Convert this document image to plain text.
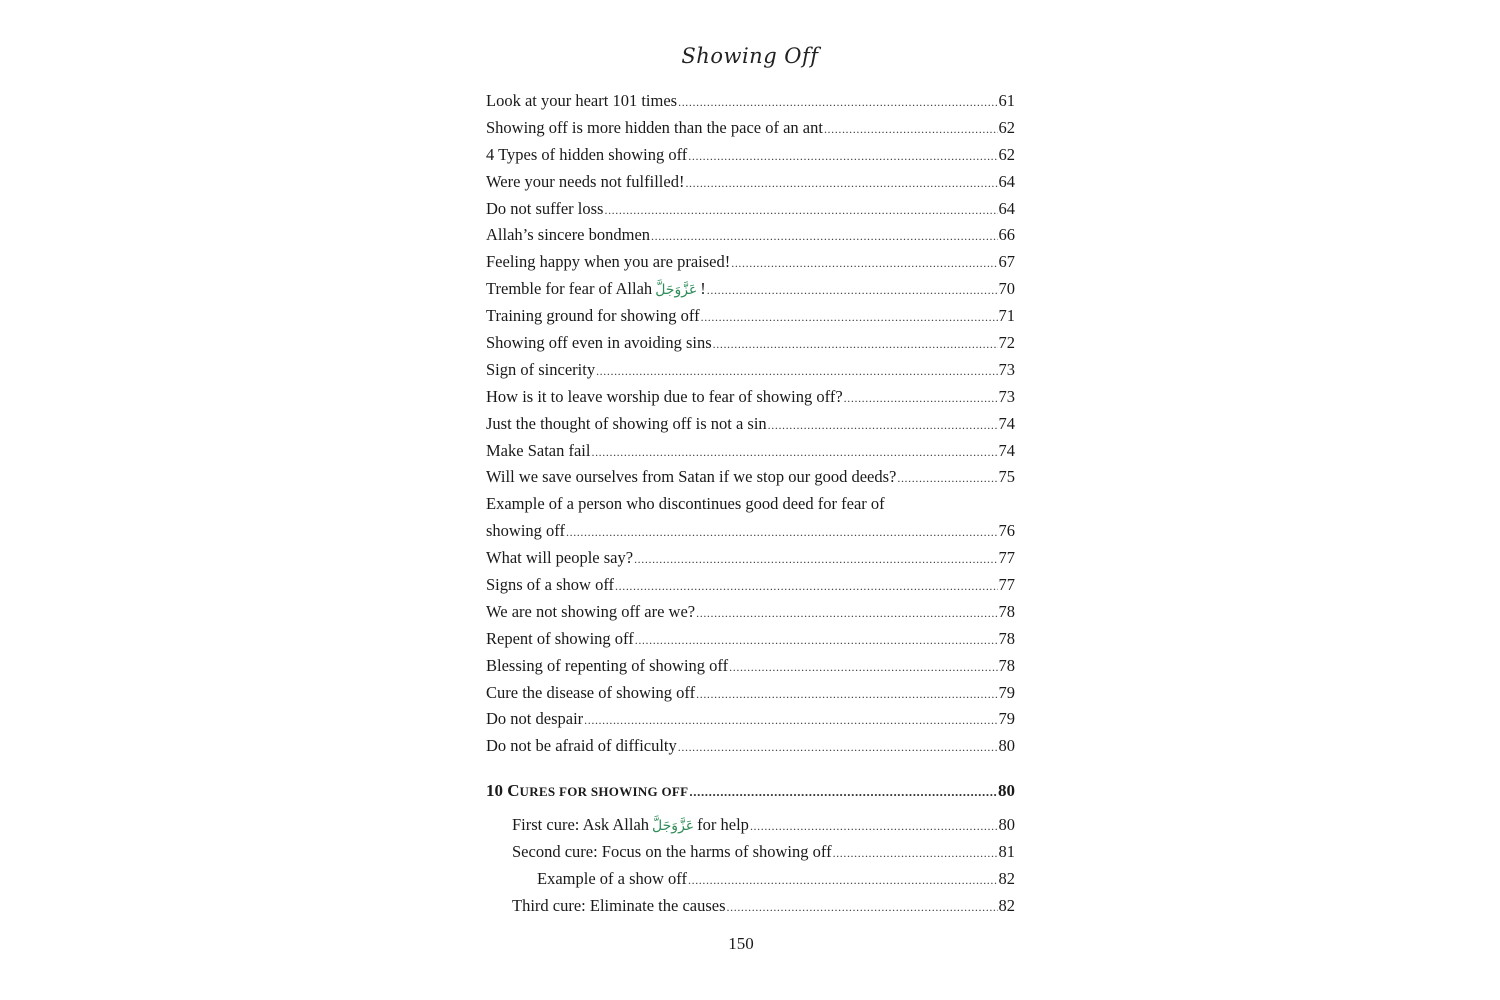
Showing Off
Look at your heart 101 times .....	61
Showing off is more hidden than the pace of an ant .....	62
4 Types of hidden showing off .....	62
Were your needs not fulfilled! .....	64
Do not suffer loss .....	64
Allah’s sincere bondmen .....	66
Feeling happy when you are praised! .....	67
Tremble for fear of Allah عَزَّوَجَلَّ ! .....	70
Training ground for showing off .....	71
Showing off even in avoiding sins .....	72
Sign of sincerity .....	73
How is it to leave worship due to fear of showing off? .....	73
Just the thought of showing off is not a sin .....	74
Make Satan fail .....	74
Will we save ourselves from Satan if we stop our good deeds? .....	75
Example of a person who discontinues good deed for fear of
showing off .....	76
What will people say? .....	77
Signs of a show off .....	77
We are not showing off are we? .....	78
Repent of showing off .....	78
Blessing of repenting of showing off .....	78
Cure the disease of showing off .....	79
Do not despair .....	79
Do not be afraid of difficulty .....	80
10 CURES FOR SHOWING OFF .....	80
First cure: Ask Allah عَزَّوَجَلَّ for help .....	80
Second cure: Focus on the harms of showing off .....	81
Example of a show off .....	82
Third cure: Eliminate the causes .....	82
150
